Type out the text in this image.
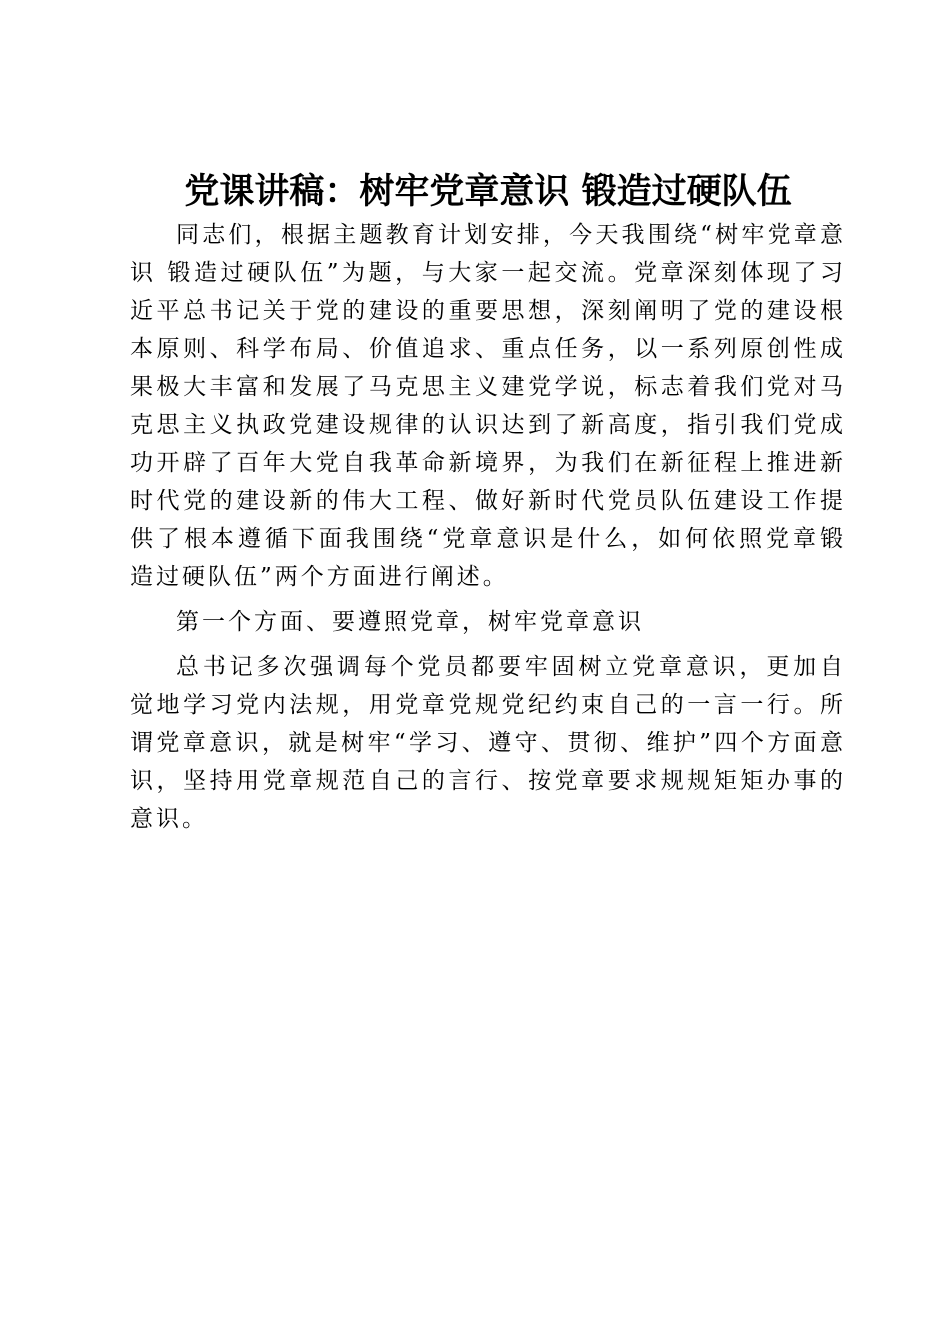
党课讲稿：树牢党章意识 锻造过硬队伍

同志们，根据主题教育计划安排，今天我围绕“树牢党章意识 锻造过硬队伍”为题，与大家一起交流。党章深刻体现了习近平总书记关于党的建设的重要思想，深刻阐明了党的建设根本原则、科学布局、价值追求、重点任务，以一系列原创性成果极大丰富和发展了马克思主义建党学说，标志着我们党对马克思主义执政党建设规律的认识达到了新高度，指引我们党成功开辟了百年大党自我革命新境界，为我们在新征程上推进新时代党的建设新的伟大工程、做好新时代党员队伍建设工作提供了根本遵循下面我围绕“党章意识是什么，如何依照党章锻造过硬队伍”两个方面进行阐述。

第一个方面、要遵照党章，树牢党章意识

总书记多次强调每个党员都要牢固树立党章意识，更加自觉地学习党内法规，用党章党规党纪约束自己的一言一行。所谓党章意识，就是树牢“学习、遵守、贯彻、维护”四个方面意识，坚持用党章规范自己的言行、按党章要求规规矩矩办事的意识。
